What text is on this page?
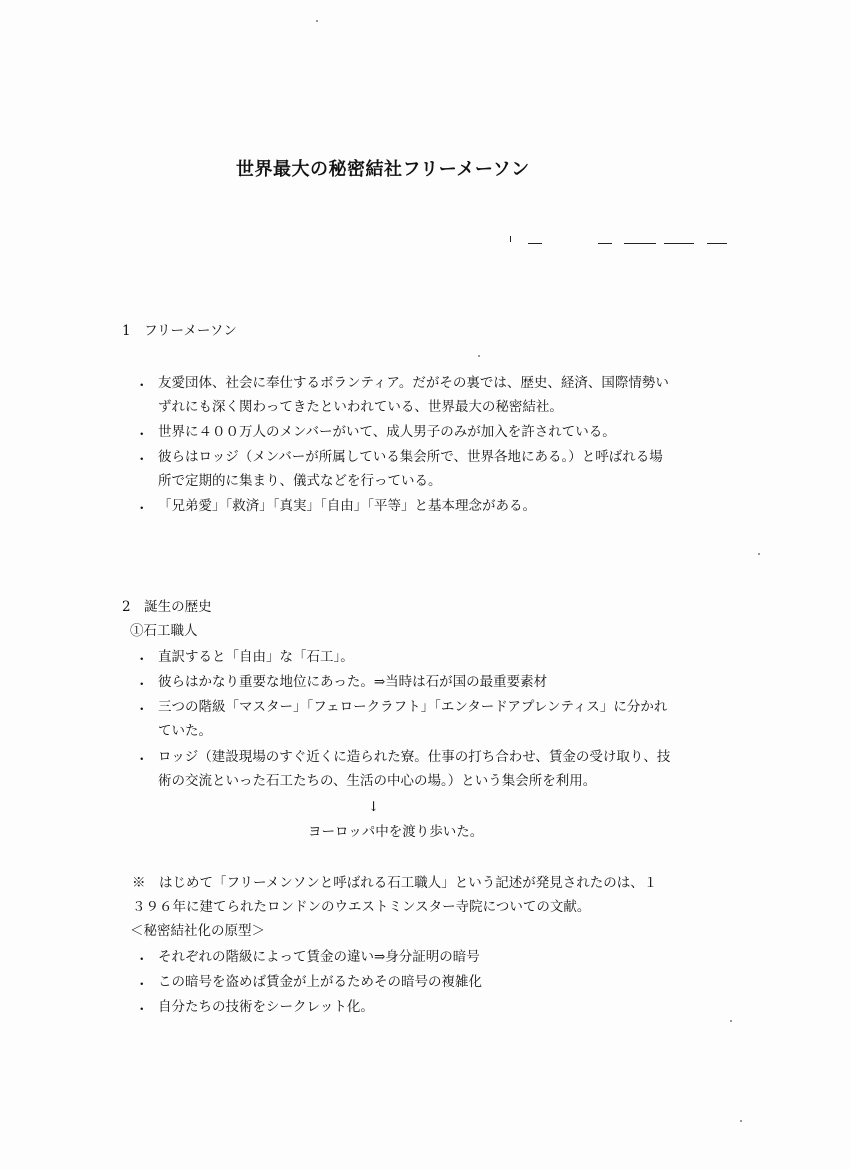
世界最大の秘密結社フリーメーソン
1　フリーメーソン
・ 友愛団体、社会に奉仕するボランティア。だがその裏では、歴史、経済、国際情勢い
ずれにも深く関わってきたといわれている、世界最大の秘密結社。
・ 世界に４００万人のメンバーがいて、成人男子のみが加入を許されている。
・ 彼らはロッジ（メンバーが所属している集会所で、世界各地にある。）と呼ばれる場
所で定期的に集まり、儀式などを行っている。
・ 「兄弟愛」「救済」「真実」「自由」「平等」と基本理念がある。
2　誕生の歴史
①石工職人
・ 直訳すると「自由」な「石工」。
・ 彼らはかなり重要な地位にあった。⇒当時は石が国の最重要素材
・ 三つの階級「マスター」「フェロークラフト」「エンタードアプレンティス」に分かれ
ていた。
・ ロッジ（建設現場のすぐ近くに造られた寮。仕事の打ち合わせ、賃金の受け取り、技
術の交流といった石工たちの、生活の中心の場。）という集会所を利用。
↓
ヨーロッパ中を渡り歩いた。
※　はじめて「フリーメンソンと呼ばれる石工職人」という記述が発見されたのは、１
３９６年に建てられたロンドンのウエストミンスター寺院についての文献。
＜秘密結社化の原型＞
・ それぞれの階級によって賃金の違い⇒身分証明の暗号
・ この暗号を盗めば賃金が上がるためその暗号の複雑化
・ 自分たちの技術をシークレット化。
